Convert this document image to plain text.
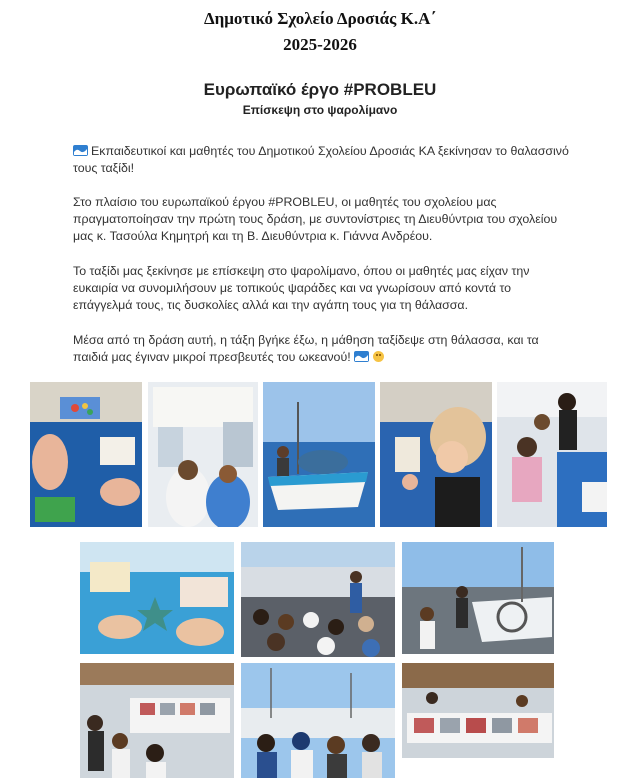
Δημοτικό Σχολείο Δροσιάς Κ.Α΄
2025-2026
Ευρωπαϊκό έργο #PROBLEU
Επίσκεψη στο ψαρολίμανο
Εκπαιδευτικοί και μαθητές του Δημοτικού Σχολείου Δροσιάς ΚΑ ξεκίνησαν το θαλασσινό τους ταξίδι!
Στο πλαίσιο του ευρωπαϊκού έργου #PROBLEU, οι μαθητές του σχολείου μας πραγματοποίησαν την πρώτη τους δράση, με συντονίστριες τη Διευθύντρια του σχολείου μας κ. Τασούλα Κημητρή και τη Β. Διευθύντρια κ. Γιάννα Ανδρέου.
Το ταξίδι μας ξεκίνησε με επίσκεψη στο ψαρολίμανο, όπου οι μαθητές μας είχαν την ευκαιρία να συνομιλήσουν με τοπικούς ψαράδες και να γνωρίσουν από κοντά το επάγγελμά τους, τις δυσκολίες αλλά και την αγάπη τους για τη θάλασσα.
Μέσα από τη δράση αυτή, η τάξη βγήκε έξω, η μάθηση ταξίδεψε στη θάλασσα, και τα παιδιά μας έγιναν μικροί πρεσβευτές του ωκεανού!
